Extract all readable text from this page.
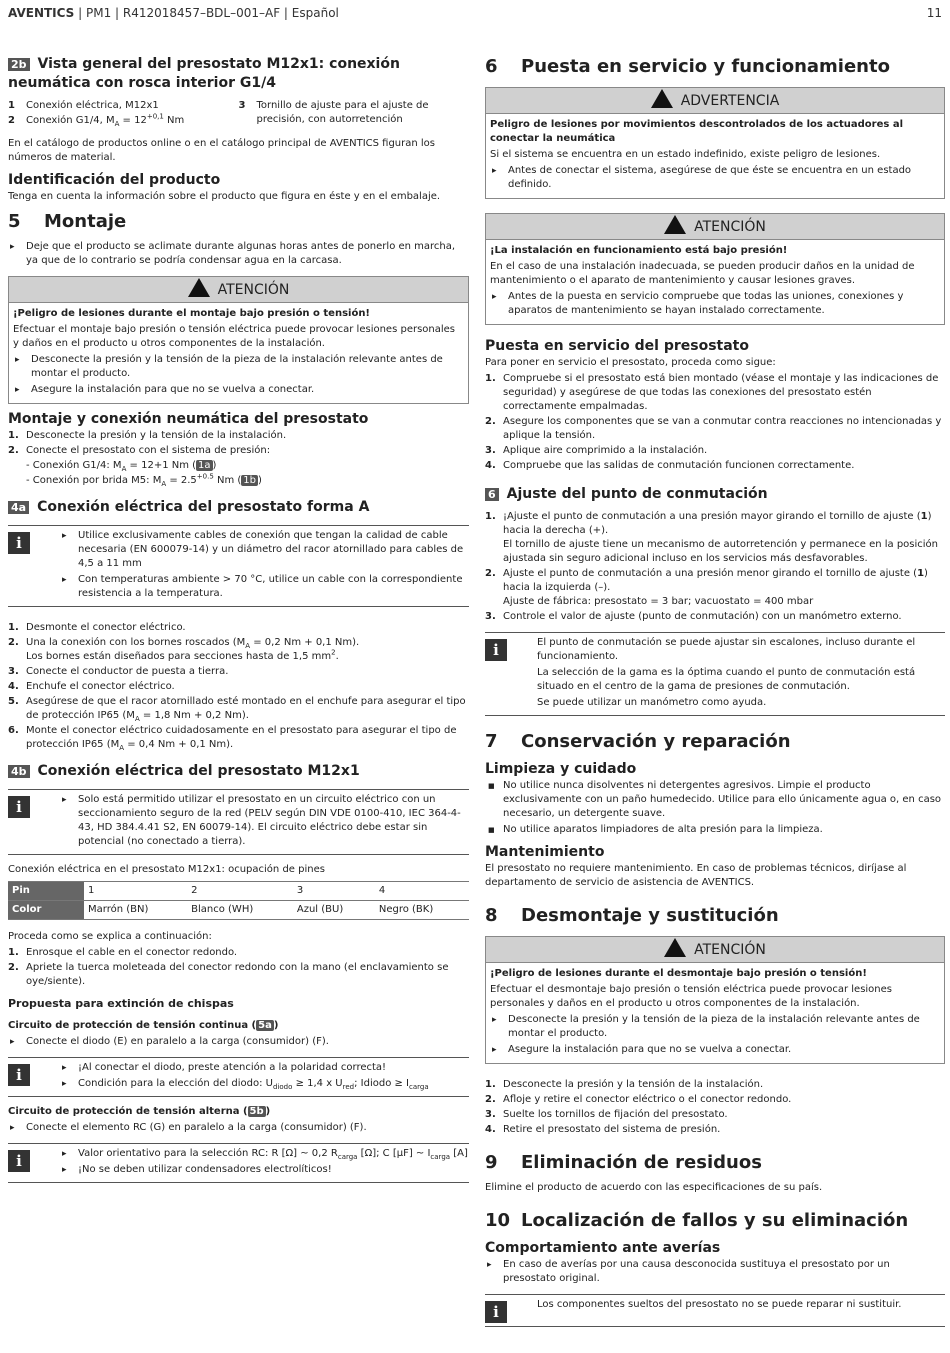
AVENTICS | PM1 | R412018457–BDL–001–AF | Español	11
2b Vista general del presostato M12x1: conexión neumática con rosca interior G1/4
1 Conexión eléctrica, M12x1
2 Conexión G1/4, $M_A = 12^{+0,1}$ Nm
3 Tornillo de ajuste para el ajuste de precisión, con autorretención

En el catálogo de productos online o en el catálogo principal de AVENTICS figuran los números de material.

Identificación del producto

Tenga en cuenta la información sobre el producto que figura en éste y en el embalaje.

5	Montaje
▸ Deje que el producto se aclimate durante algunas horas antes de ponerlo en marcha, ya que de lo contrario se podría condensar agua en la carcasa.
ATENCIÓN
¡Peligro de lesiones durante el montaje bajo presión o tensión!

Efectuar el montaje bajo presión o tensión eléctrica puede provocar lesiones personales y daños en el producto u otros componentes de la instalación.

▸ Desconecte la presión y la tensión de la pieza de la instalación relevante antes de montar el producto.
▸ Asegure la instalación para que no se vuelva a conectar.
Montaje y conexión neumática del presostato
1. Desconecte la presión y la tensión de la instalación.
2. Conecte el presostato con el sistema de presión:
- Conexión G1/4: $M_A = 12+1$ Nm ( 1a )
- Conexión por brida M5: $M_A = 2.5^{+0.5}$ Nm ( 1b )
4a Conexión eléctrica del presostato forma A
i	▸ Utilice exclusivamente cables de conexión que tengan la calidad de cable necesaria (EN 600079-14) y un diámetro del racor atornillado para cables de 4,5 a 11 mm
▸ Con temperaturas ambiente > 70 °C, utilice un cable con la correspondiente resistencia a la temperatura.
1. Desmonte el conector eléctrico.
2. Una la conexión con los bornes roscados ($M_A = 0,2$ Nm + 0,1 Nm).
Los bornes están diseñados para secciones hasta de 1,5 $mm^2$.
3. Conecte el conductor de puesta a tierra.
4. Enchufe el conector eléctrico.
5. Asegúrese de que el racor atornillado esté montado en el enchufe para asegurar el tipo de protección IP65 ($M_A = 1,8$ Nm + 0,2 Nm).
6. Monte el conector eléctrico cuidadosamente en el presostato para asegurar el tipo de protección IP65 ($M_A = 0,4$ Nm + 0,1 Nm).
4b Conexión eléctrica del presostato M12x1
i	▸ Solo está permitido utilizar el presostato en un circuito eléctrico con un seccionamiento seguro de la red (PELV según DIN VDE 0100-410, IEC 364-4-43, HD 384.4.41 S2, EN 60079-14). El circuito eléctrico debe estar sin potencial (no conectado a tierra).

Conexión eléctrica en el presostato M12x1: ocupación de pines

Pin	1	2	3	4
Color	Marrón (BN)	Blanco (WH)	Azul (BU)	Negro (BK)

Proceda como se explica a continuación:

1. Enrosque el cable en el conector redondo.
2. Apriete la tuerca moleteada del conector redondo con la mano (el enclavamiento se oye/siente).
Propuesta para extinción de chispas
Circuito de protección de tensión continua ( 5a )
▸ Conecte el diodo (E) en paralelo a la carga (consumidor) (F).
i	▸ ¡Al conectar el diodo, preste atención a la polaridad correcta!
▸ Condición para la elección del diodo: $U_{diodo} \ge 1,4$ x $U_{red}$; Idiodo ≥ $I_{carga}$
Circuito de protección de tensión alterna ( 5b )
▸ Conecte el elemento RC (G) en paralelo a la carga (consumidor) (F).
i	▸ Valor orientativo para la selección RC: R [Ω] ~ 0,2 $R_{carga}$ [Ω]; C [µF] ~ $I_{carga}$ [A]
▸ ¡No se deben utilizar condensadores electrolíticos!
6	Puesta en servicio y funcionamiento
ADVERTENCIA
Peligro de lesiones por movimientos descontrolados de los actuadores al conectar la neumática

Si el sistema se encuentra en un estado indefinido, existe peligro de lesiones.

▸ Antes de conectar el sistema, asegúrese de que éste se encuentra en un estado definido.
ATENCIÓN
¡La instalación en funcionamiento está bajo presión!

En el caso de una instalación inadecuada, se pueden producir daños en la unidad de mantenimiento o el aparato de mantenimiento y causar lesiones graves.

▸ Antes de la puesta en servicio compruebe que todas las uniones, conexiones y aparatos de mantenimiento se hayan instalado correctamente.
Puesta en servicio del presostato

Para poner en servicio el presostato, proceda como sigue:

1. Compruebe si el presostato está bien montado (véase el montaje y las indicaciones de seguridad) y asegúrese de que todas las conexiones del presostato estén correctamente empalmadas.
2. Asegure los componentes que se van a conmutar contra reacciones no intencionadas y aplique la tensión.
3. Aplique aire comprimido a la instalación.
4. Compruebe que las salidas de conmutación funcionen correctamente.
6 Ajuste del punto de conmutación
1. ¡Ajuste el punto de conmutación a una presión mayor girando el tornillo de ajuste (1) hacia la derecha (+).
El tornillo de ajuste tiene un mecanismo de autorretención y permanece en la posición ajustada sin seguro adicional incluso en los servicios más desfavorables.
2. Ajuste el punto de conmutación a una presión menor girando el tornillo de ajuste (1) hacia la izquierda (–).
Ajuste de fábrica: presostato = 3 bar; vacuostato = 400 mbar
3. Controle el valor de ajuste (punto de conmutación) con un manómetro externo.
i	El punto de conmutación se puede ajustar sin escalones, incluso durante el funcionamiento.

La selección de la gama es la óptima cuando el punto de conmutación está situado en el centro de la gama de presiones de conmutación.

Se puede utilizar un manómetro como ayuda.

7	Conservación y reparación
Limpieza y cuidado
■ No utilice nunca disolventes ni detergentes agresivos. Limpie el producto exclusivamente con un paño humedecido. Utilice para ello únicamente agua o, en caso necesario, un detergente suave.
■ No utilice aparatos limpiadores de alta presión para la limpieza.
Mantenimiento

El presostato no requiere mantenimiento. En caso de problemas técnicos, diríjase al departamento de servicio de asistencia de AVENTICS.

8	Desmontaje y sustitución
ATENCIÓN
¡Peligro de lesiones durante el desmontaje bajo presión o tensión!

Efectuar el desmontaje bajo presión o tensión eléctrica puede provocar lesiones personales y daños en el producto u otros componentes de la instalación.

▸ Desconecte la presión y la tensión de la pieza de la instalación relevante antes de montar el producto.
▸ Asegure la instalación para que no se vuelva a conectar.
1. Desconecte la presión y la tensión de la instalación.
2. Afloje y retire el conector eléctrico o el conector redondo.
3. Suelte los tornillos de fijación del presostato.
4. Retire el presostato del sistema de presión.
9	Eliminación de residuos

Elimine el producto de acuerdo con las especificaciones de su país.

10 Localización de fallos y su eliminación
Comportamiento ante averías
▸ En caso de averías por una causa desconocida sustituya el presostato por un presostato original.
i	Los componentes sueltos del presostato no se puede reparar ni sustituir.
